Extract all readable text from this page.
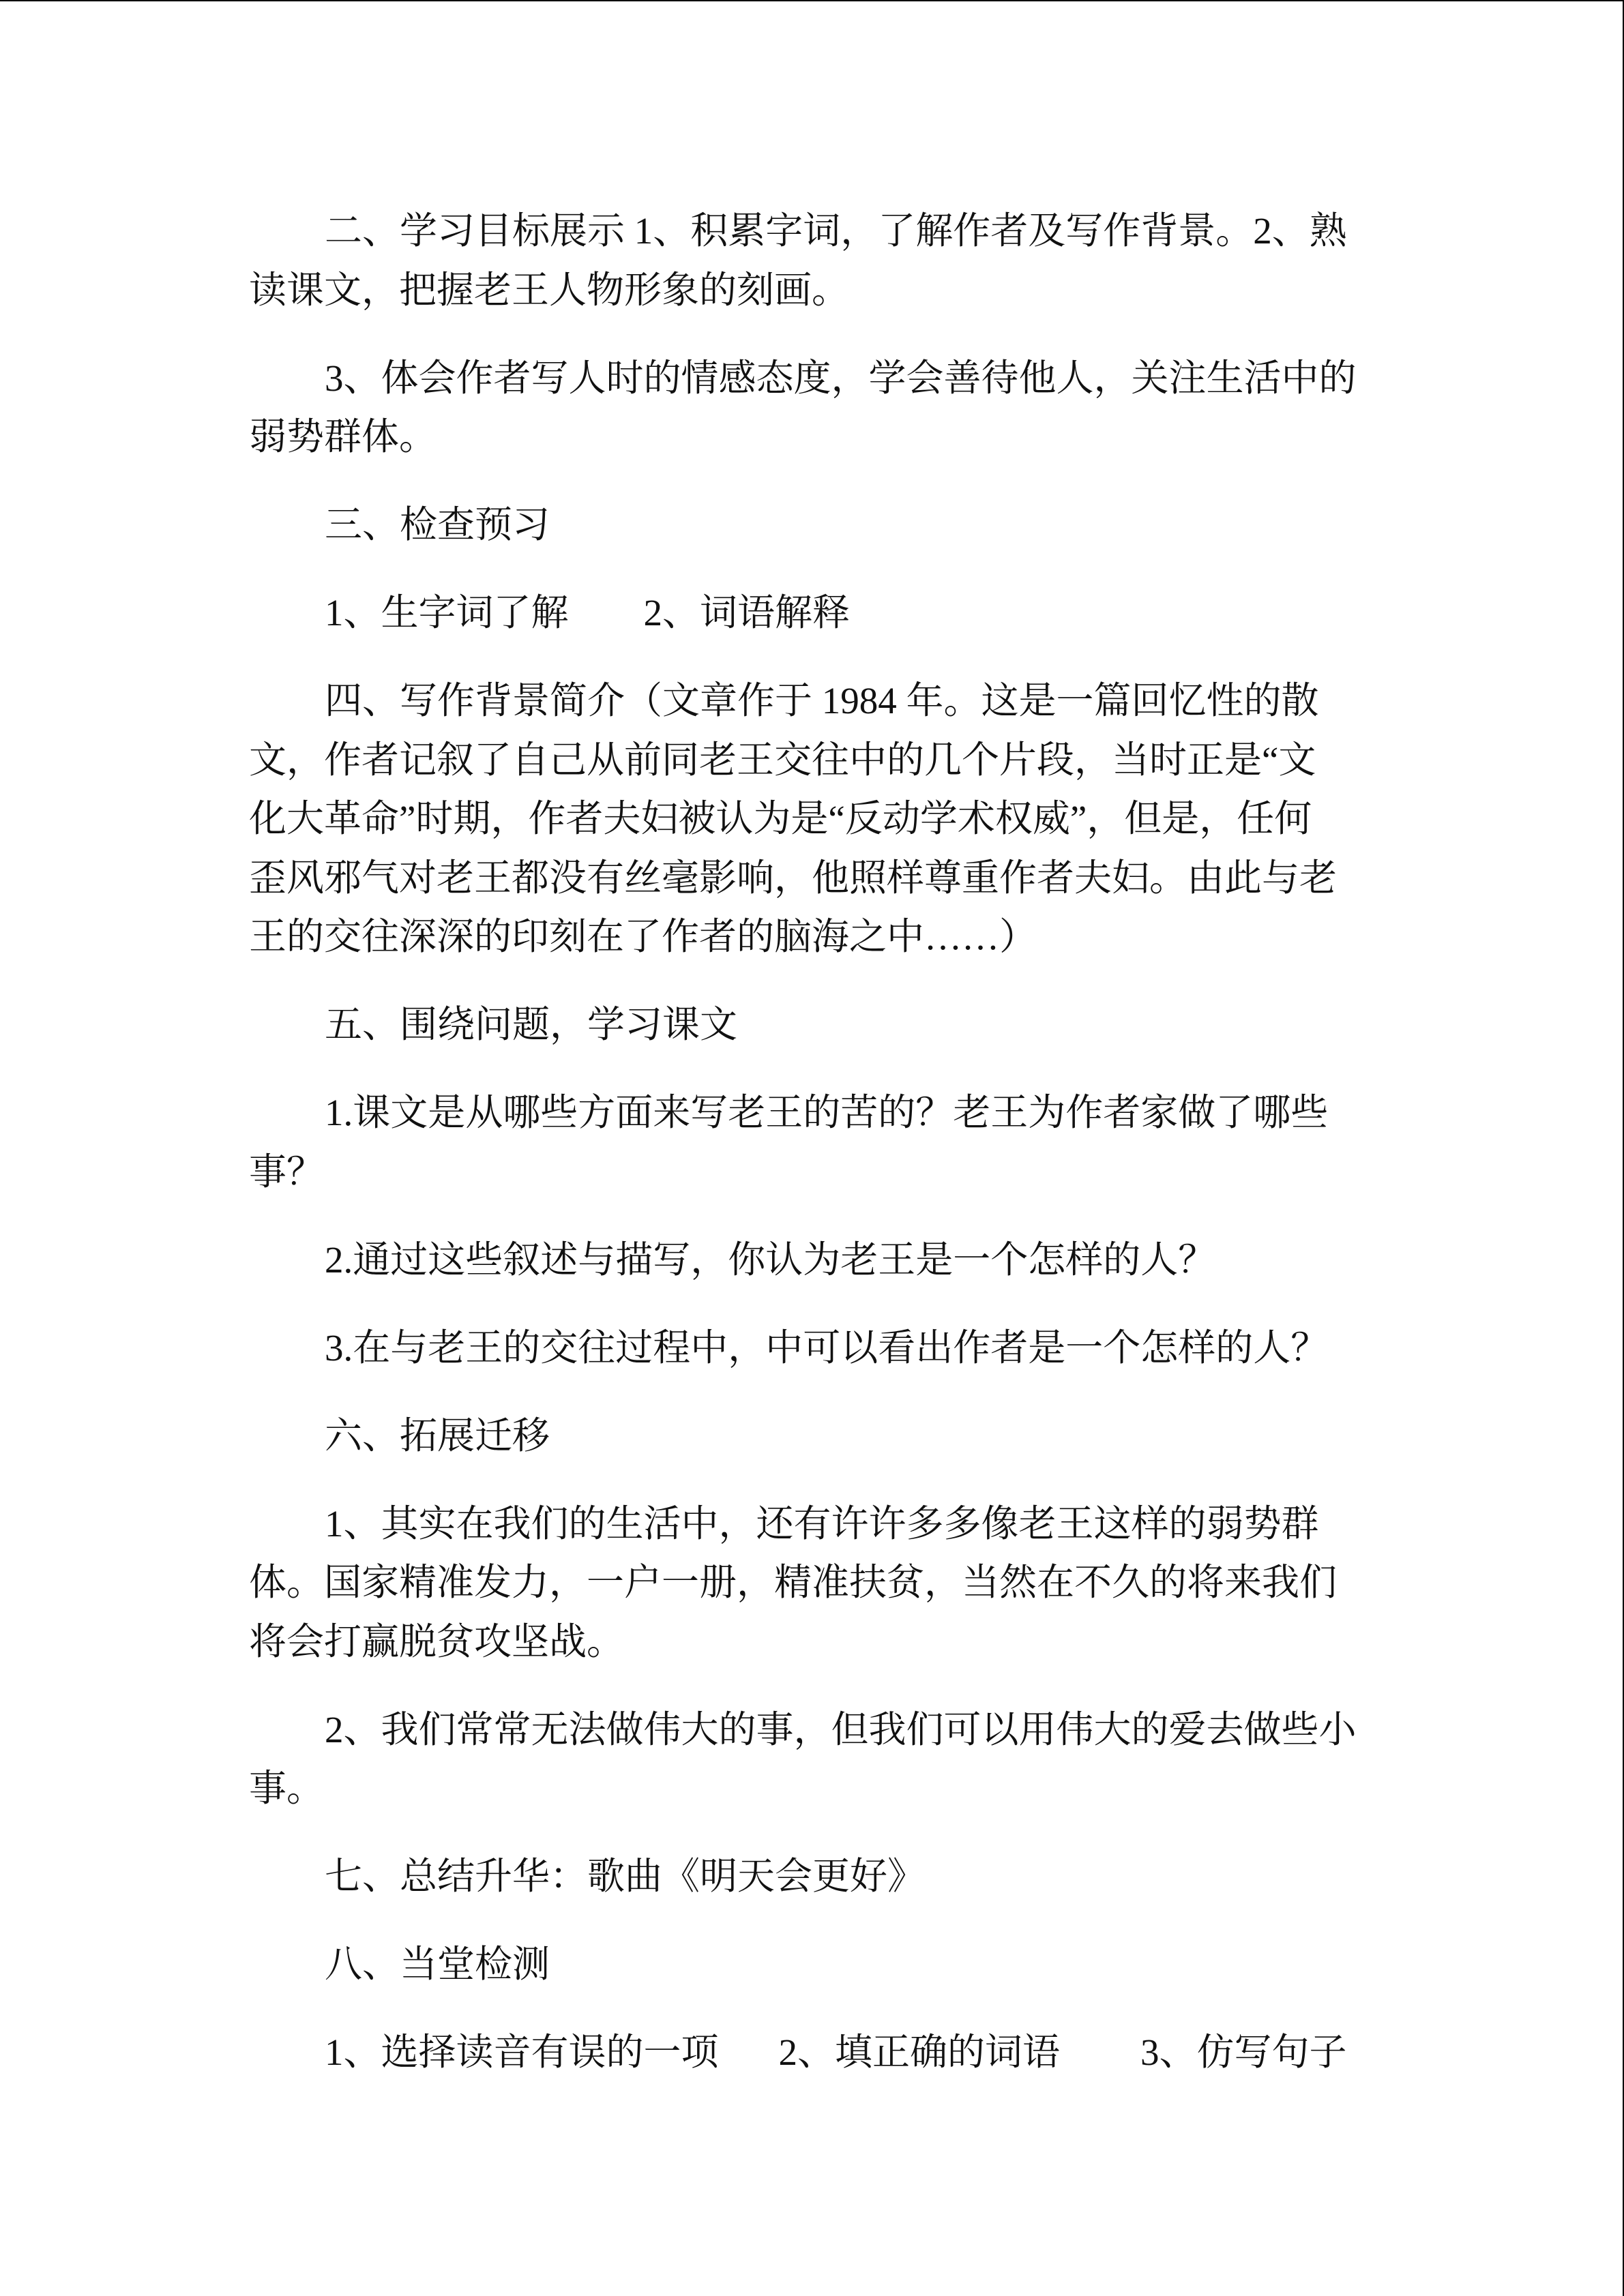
二、学习目标展示 1、积累字词，了解作者及写作背景。2、熟
读课文，把握老王人物形象的刻画。
3、体会作者写人时的情感态度，学会善待他人，关注生活中的
弱势群体。
三、检查预习
1、生字词了解 2、词语解释
四、写作背景简介（文章作于 1984 年。这是一篇回忆性的散
文，作者记叙了自己从前同老王交往中的几个片段，当时正是“文
化大革命”时期，作者夫妇被认为是“反动学术权威”，但是，任何
歪风邪气对老王都没有丝毫影响，他照样尊重作者夫妇。由此与老
王的交往深深的印刻在了作者的脑海之中……）
五、围绕问题，学习课文
1.课文是从哪些方面来写老王的苦的？老王为作者家做了哪些
事？
2.通过这些叙述与描写，你认为老王是一个怎样的人？
3.在与老王的交往过程中，中可以看出作者是一个怎样的人？
六、拓展迁移
1、其实在我们的生活中，还有许许多多像老王这样的弱势群
体。国家精准发力，一户一册，精准扶贫，当然在不久的将来我们
将会打赢脱贫攻坚战。
2、我们常常无法做伟大的事，但我们可以用伟大的爱去做些小
事。
七、总结升华：歌曲《明天会更好》
八、当堂检测
1、选择读音有误的一项 2、填正确的词语 3、仿写句子
